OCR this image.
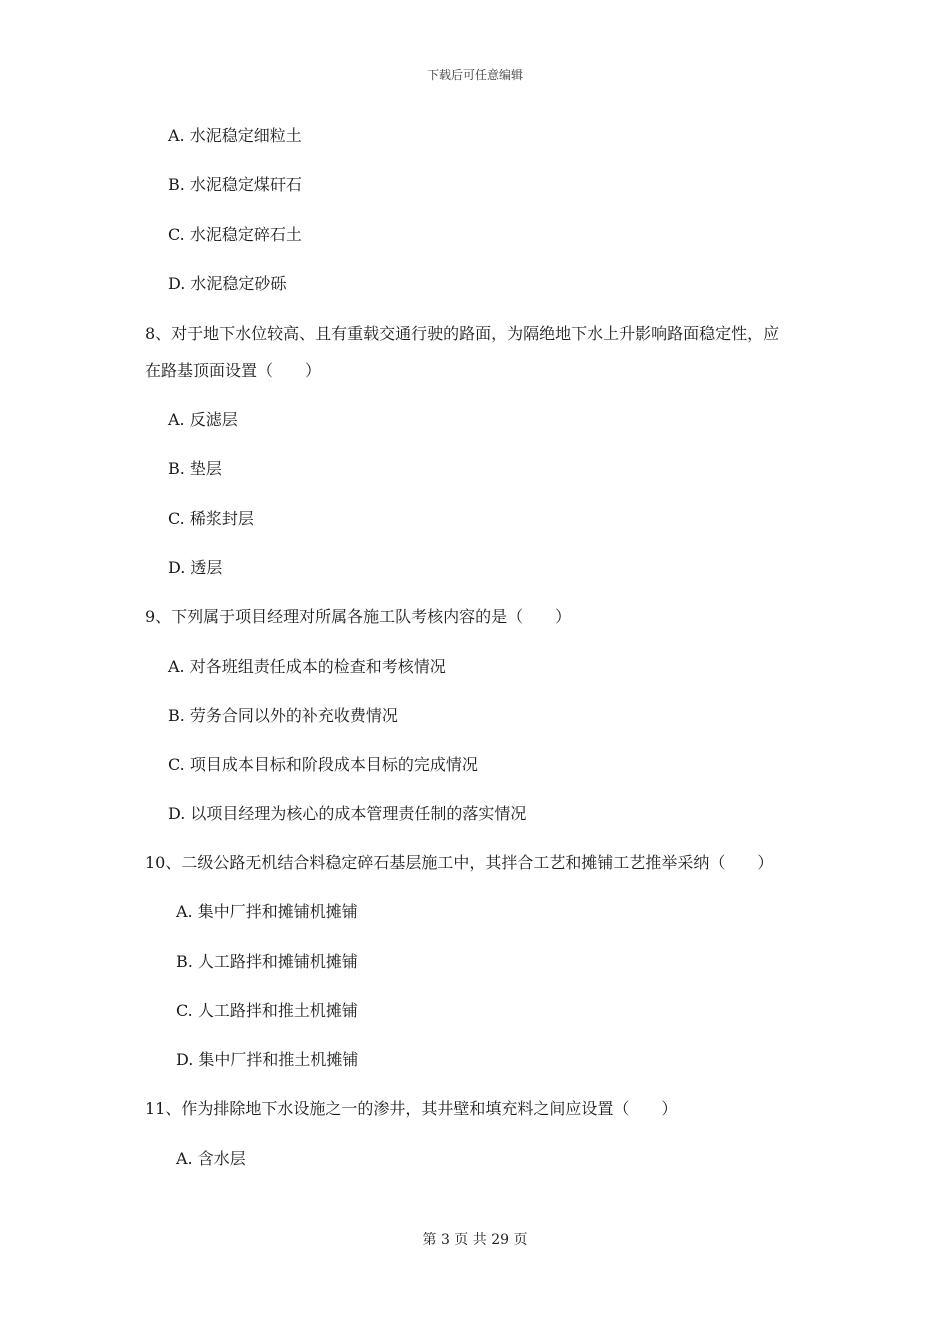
下载后可任意编辑
A. 水泥稳定细粒土
B. 水泥稳定煤矸石
C. 水泥稳定碎石土
D. 水泥稳定砂砾
8、对于地下水位较高、且有重载交通行驶的路面，为隔绝地下水上升影响路面稳定性，应
在路基顶面设置（　　）
A. 反滤层
B. 垫层
C. 稀浆封层
D. 透层
9、下列属于项目经理对所属各施工队考核内容的是（　　）
A. 对各班组责任成本的检查和考核情况
B. 劳务合同以外的补充收费情况
C. 项目成本目标和阶段成本目标的完成情况
D. 以项目经理为核心的成本管理责任制的落实情况
10、二级公路无机结合料稳定碎石基层施工中，其拌合工艺和摊铺工艺推举采纳（　　）
A. 集中厂拌和摊铺机摊铺
B. 人工路拌和摊铺机摊铺
C. 人工路拌和推土机摊铺
D. 集中厂拌和推土机摊铺
11、作为排除地下水设施之一的渗井，其井壁和填充料之间应设置（　　）
A. 含水层
第 3 页 共 29 页
